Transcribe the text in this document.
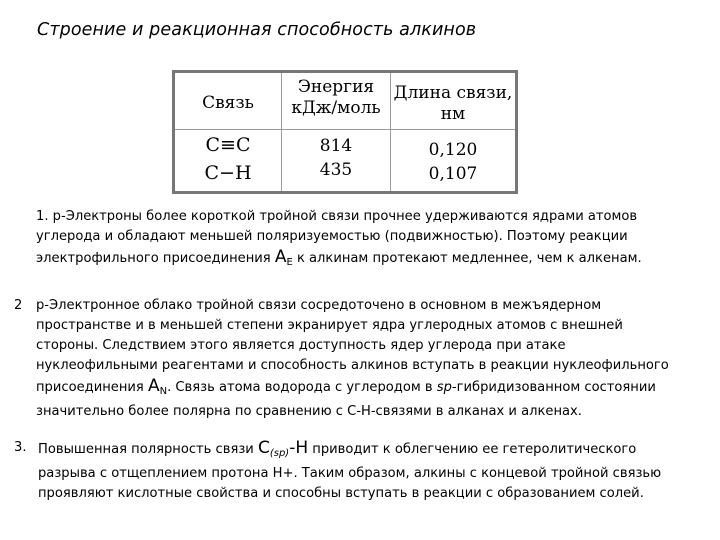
Строение и реакционная способность алкинов
Связь
Энергия
кДж/моль
Длина связи,
нм
C≡C
C−H
814
435
0,120
0,107
1. р-Электроны более короткой тройной связи прочнее удерживаются ядрами атомов
углерода и обладают меньшей поляризуемостью (подвижностью). Поэтому реакции
электрофильного присоединения $A_E$ к алкинам протекают медленнее, чем к алкенам.
2 р-Электронное облако тройной связи сосредоточено в основном в межъядерном
пространстве и в меньшей степени экранирует ядра углеродных атомов с внешней
стороны. Следствием этого является доступность ядер углерода при атаке
нуклеофильными реагентами и способность алкинов вступать в реакции нуклеофильного
присоединения $A_N$. Связь атома водорода с углеродом в sp-гибридизованном состоянии
значительно более полярна по сравнению с С-Н-связями в алканах и алкенах.
3. Повышенная полярность связи $C_{(sp)}-H$ приводит к облегчению ее гетеролитического
разрыва с отщеплением протона Н+. Таким образом, алкины с концевой тройной связью
проявляют кислотные свойства и способны вступать в реакции с образованием солей.
